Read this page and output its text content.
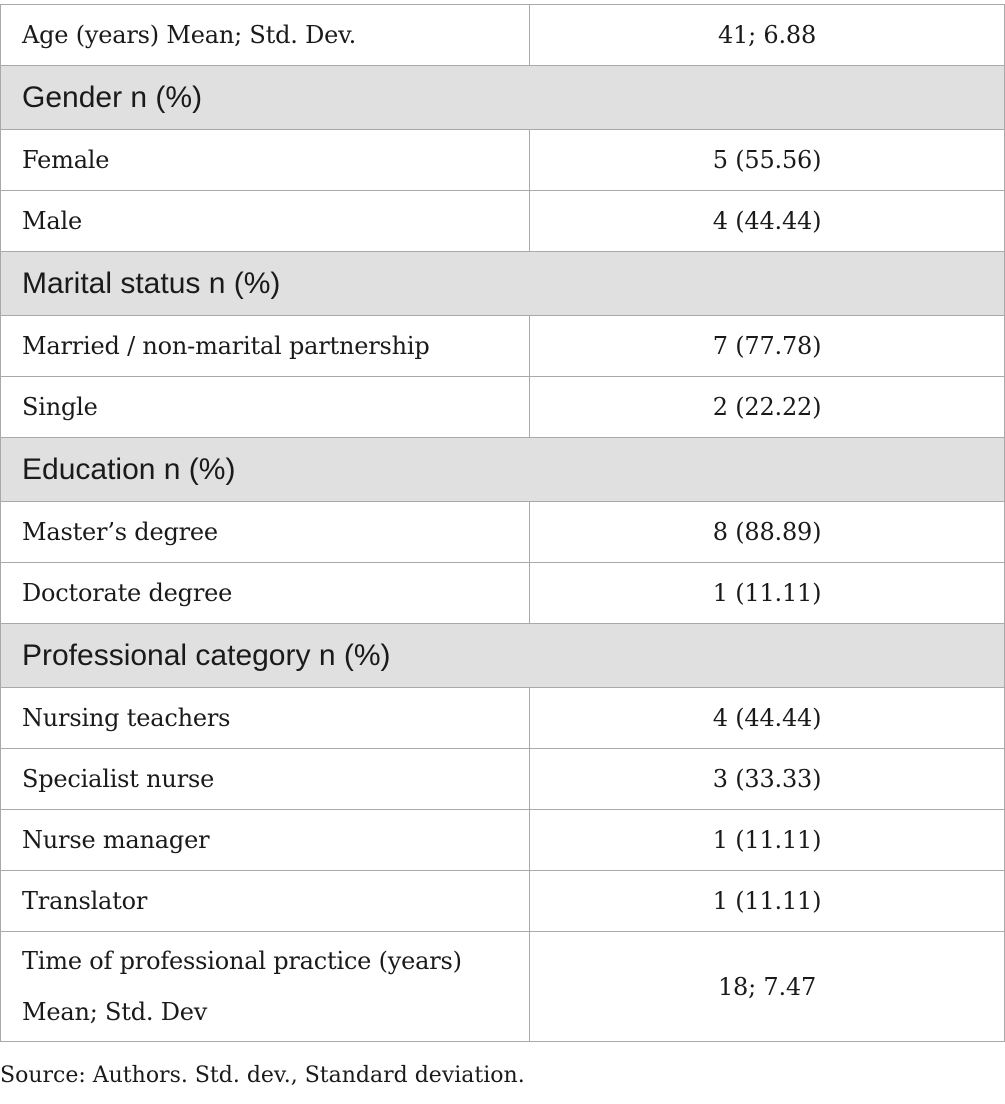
Age (years) Mean; Std. Dev.	41; 6.88
Gender n (%)	
Female	5 (55.56)
Male	4 (44.44)
Marital status n (%)	
Married / non-marital partnership	7 (77.78)
Single	2 (22.22)
Education n (%)	
Master’s degree	8 (88.89)
Doctorate degree	1 (11.11)
Professional category n (%)	
Nursing teachers	4 (44.44)
Specialist nurse	3 (33.33)
Nurse manager	1 (11.11)
Translator	1 (11.11)

Time of professional practice (years)
Mean; Std. Dev	18; 7.47
Source: Authors. Std. dev., Standard deviation.
